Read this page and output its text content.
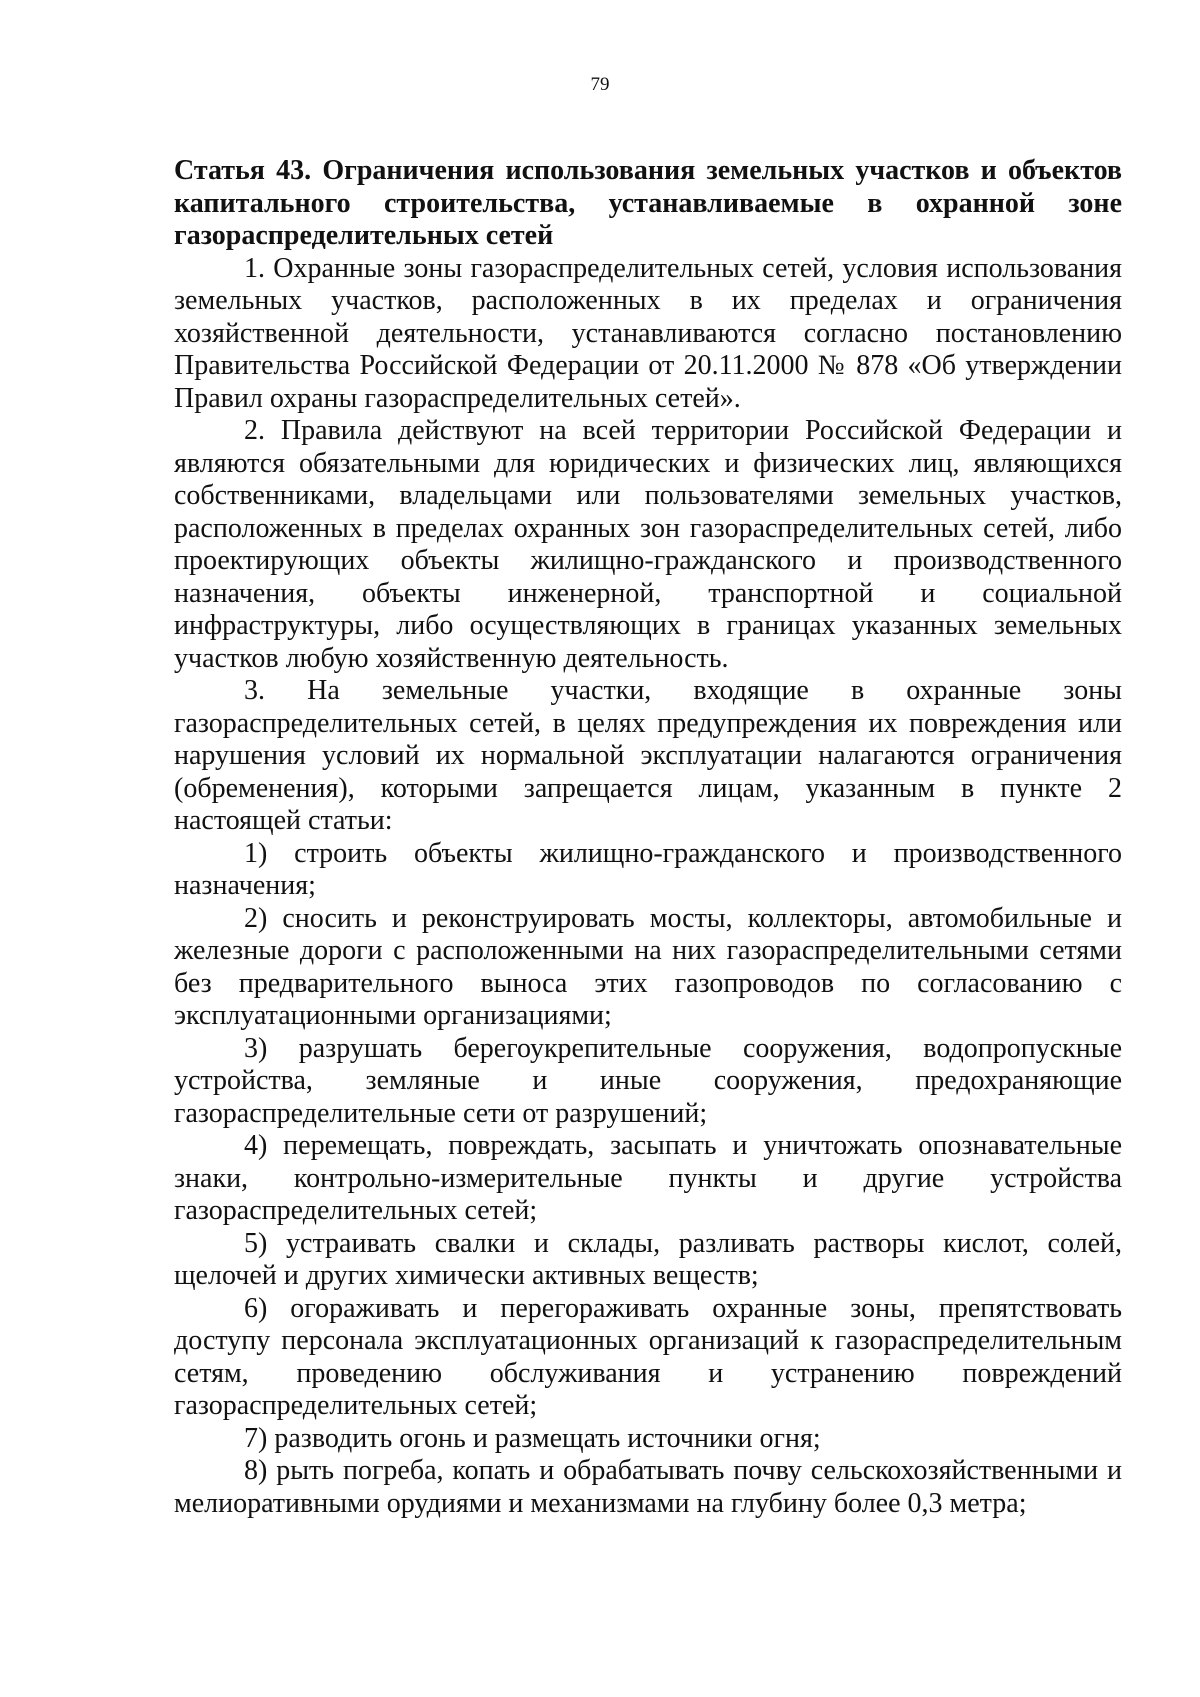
79

Статья 43. Ограничения использования земельных участков и объектов капитального строительства, устанавливаемые в охранной зоне газораспределительных сетей

1. Охранные зоны газораспределительных сетей, условия использования земельных участков, расположенных в их пределах и ограничения хозяйственной деятельности, устанавливаются согласно постановлению Правительства Российской Федерации от 20.11.2000 № 878 «Об утверждении Правил охраны газораспределительных сетей».

2. Правила действуют на всей территории Российской Федерации и являются обязательными для юридических и физических лиц, являющихся собственниками, владельцами или пользователями земельных участков, расположенных в пределах охранных зон газораспределительных сетей, либо проектирующих объекты жилищно-гражданского и производственного назначения, объекты инженерной, транспортной и социальной инфраструктуры, либо осуществляющих в границах указанных земельных участков любую хозяйственную деятельность.

3. На земельные участки, входящие в охранные зоны газораспределительных сетей, в целях предупреждения их повреждения или нарушения условий их нормальной эксплуатации налагаются ограничения (обременения), которыми запрещается лицам, указанным в пункте 2 настоящей статьи:

1) строить объекты жилищно-гражданского и производственного назначения;

2) сносить и реконструировать мосты, коллекторы, автомобильные и железные дороги с расположенными на них газораспределительными сетями без предварительного выноса этих газопроводов по согласованию с эксплуатационными организациями;

3) разрушать берегоукрепительные сооружения, водопропускные устройства, земляные и иные сооружения, предохраняющие газораспределительные сети от разрушений;

4) перемещать, повреждать, засыпать и уничтожать опознавательные знаки, контрольно-измерительные пункты и другие устройства газораспределительных сетей;

5) устраивать свалки и склады, разливать растворы кислот, солей, щелочей и других химически активных веществ;

6) огораживать и перегораживать охранные зоны, препятствовать доступу персонала эксплуатационных организаций к газораспределительным сетям, проведению обслуживания и устранению повреждений газораспределительных сетей;

7) разводить огонь и размещать источники огня;

8) рыть погреба, копать и обрабатывать почву сельскохозяйственными и мелиоративными орудиями и механизмами на глубину более 0,3 метра;
